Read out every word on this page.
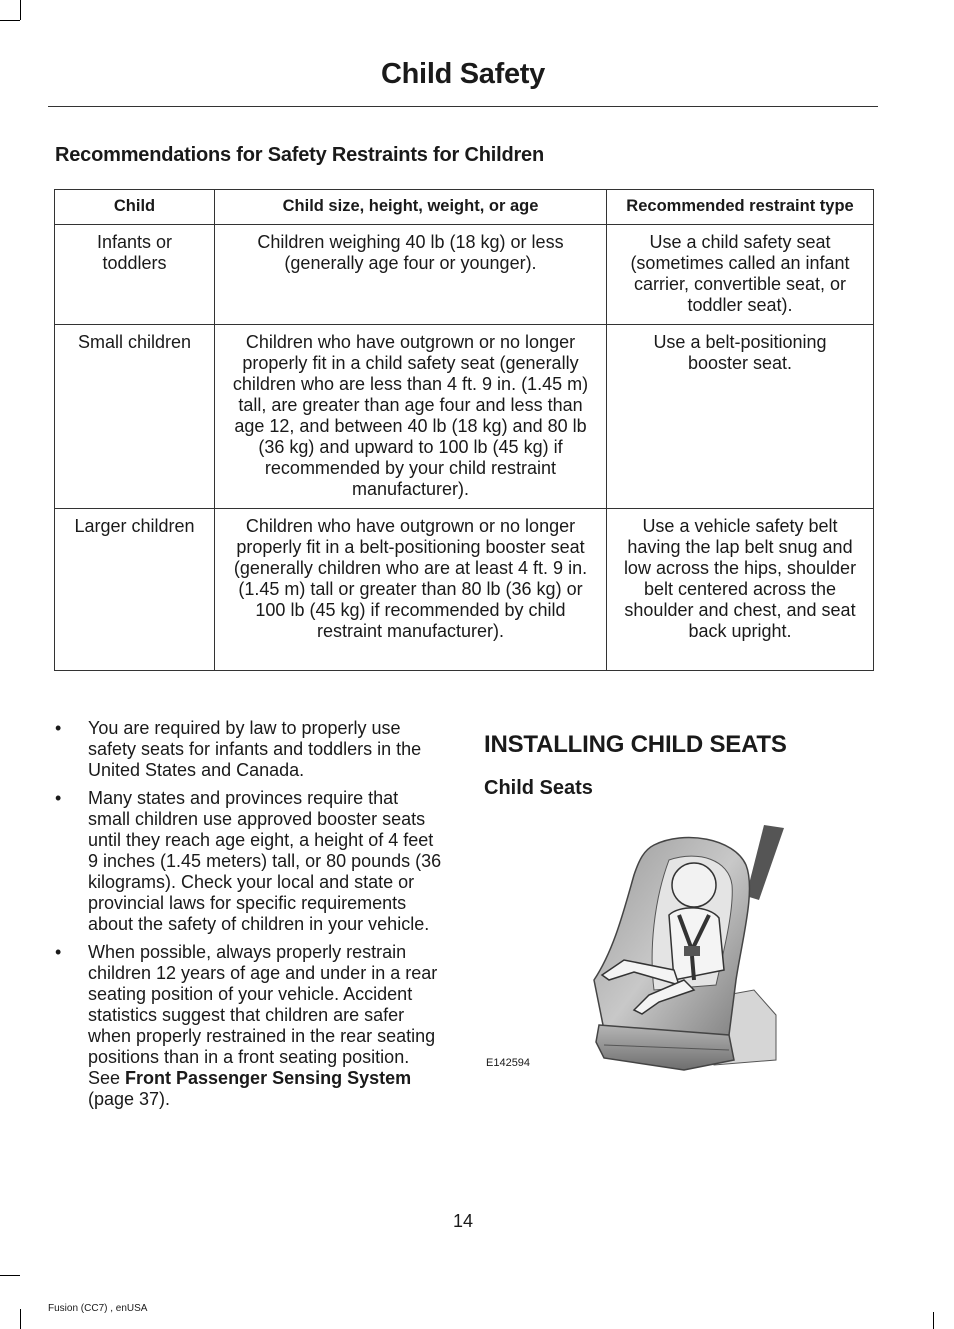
Child Safety
Recommendations for Safety Restraints for Children
Child	Child size, height, weight, or age	Recommended restraint type
Infants or toddlers	Children weighing 40 lb (18 kg) or less (generally age four or younger).	Use a child safety seat (sometimes called an infant carrier, convertible seat, or toddler seat).
Small children	Children who have outgrown or no longer properly fit in a child safety seat (generally children who are less than 4 ft. 9 in. (1.45 m) tall, are greater than age four and less than age 12, and between 40 lb (18 kg) and 80 lb (36 kg) and upward to 100 lb (45 kg) if recommended by your child restraint manufacturer).	Use a belt-positioning booster seat.
Larger children	Children who have outgrown or no longer properly fit in a belt-positioning booster seat (generally children who are at least 4 ft. 9 in. (1.45 m) tall or greater than 80 lb (36 kg) or 100 lb (45 kg) if recommended by child restraint manufacturer).	Use a vehicle safety belt having the lap belt snug and low across the hips, shoulder belt centered across the shoulder and chest, and seat back upright.
• You are required by law to properly use safety seats for infants and toddlers in the United States and Canada.
• Many states and provinces require that small children use approved booster seats until they reach age eight, a height of 4 feet 9 inches (1.45 meters) tall, or 80 pounds (36 kilograms). Check your local and state or provincial laws for specific requirements about the safety of children in your vehicle.
• When possible, always properly restrain children 12 years of age and under in a rear seating position of your vehicle. Accident statistics suggest that children are safer when properly restrained in the rear seating positions than in a front seating position. See Front Passenger Sensing System (page 37).
INSTALLING CHILD SEATS
Child Seats
E142594
14
Fusion (CC7) , enUSA
